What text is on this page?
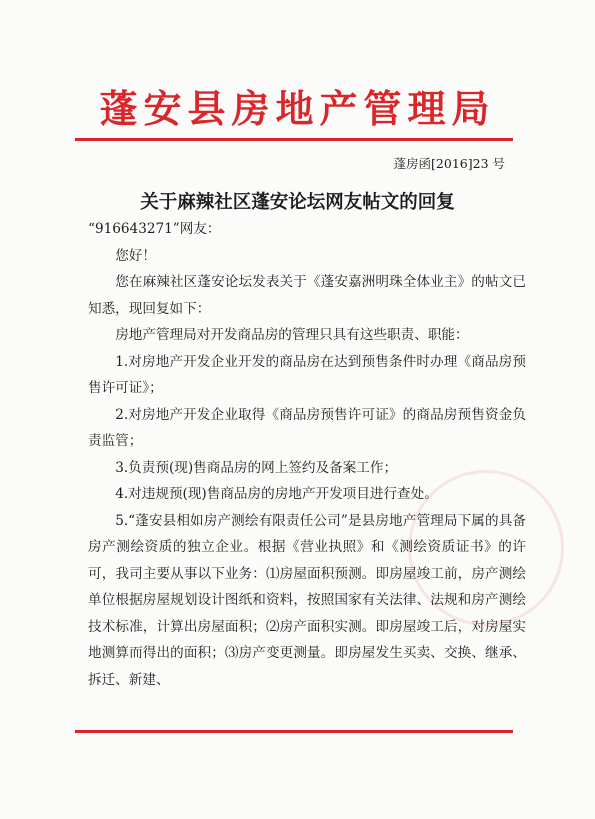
蓬安县房地产管理局
蓬房函[2016]23 号
关于麻辣社区蓬安论坛网友帖文的回复

“916643271”网友：

您好！

您在麻辣社区蓬安论坛发表关于《蓬安嘉洲明珠全体业主》的帖文已知悉，现回复如下：

房地产管理局对开发商品房的管理只具有这些职责、职能：

1.对房地产开发企业开发的商品房在达到预售条件时办理《商品房预售许可证》；

2.对房地产开发企业取得《商品房预售许可证》的商品房预售资金负责监管；

3.负责预(现)售商品房的网上签约及备案工作；

4.对违规预(现)售商品房的房地产开发项目进行查处。

5.“蓬安县相如房产测绘有限责任公司”是县房地产管理局下属的具备房产测绘资质的独立企业。根据《营业执照》和《测绘资质证书》的许可，我司主要从事以下业务：⑴房屋面积预测。即房屋竣工前，房产测绘单位根据房屋规划设计图纸和资料，按照国家有关法律、法规和房产测绘技术标准，计算出房屋面积；⑵房产面积实测。即房屋竣工后，对房屋实地测算而得出的面积；⑶房产变更测量。即房屋发生买卖、交换、继承、拆迁、新建、
